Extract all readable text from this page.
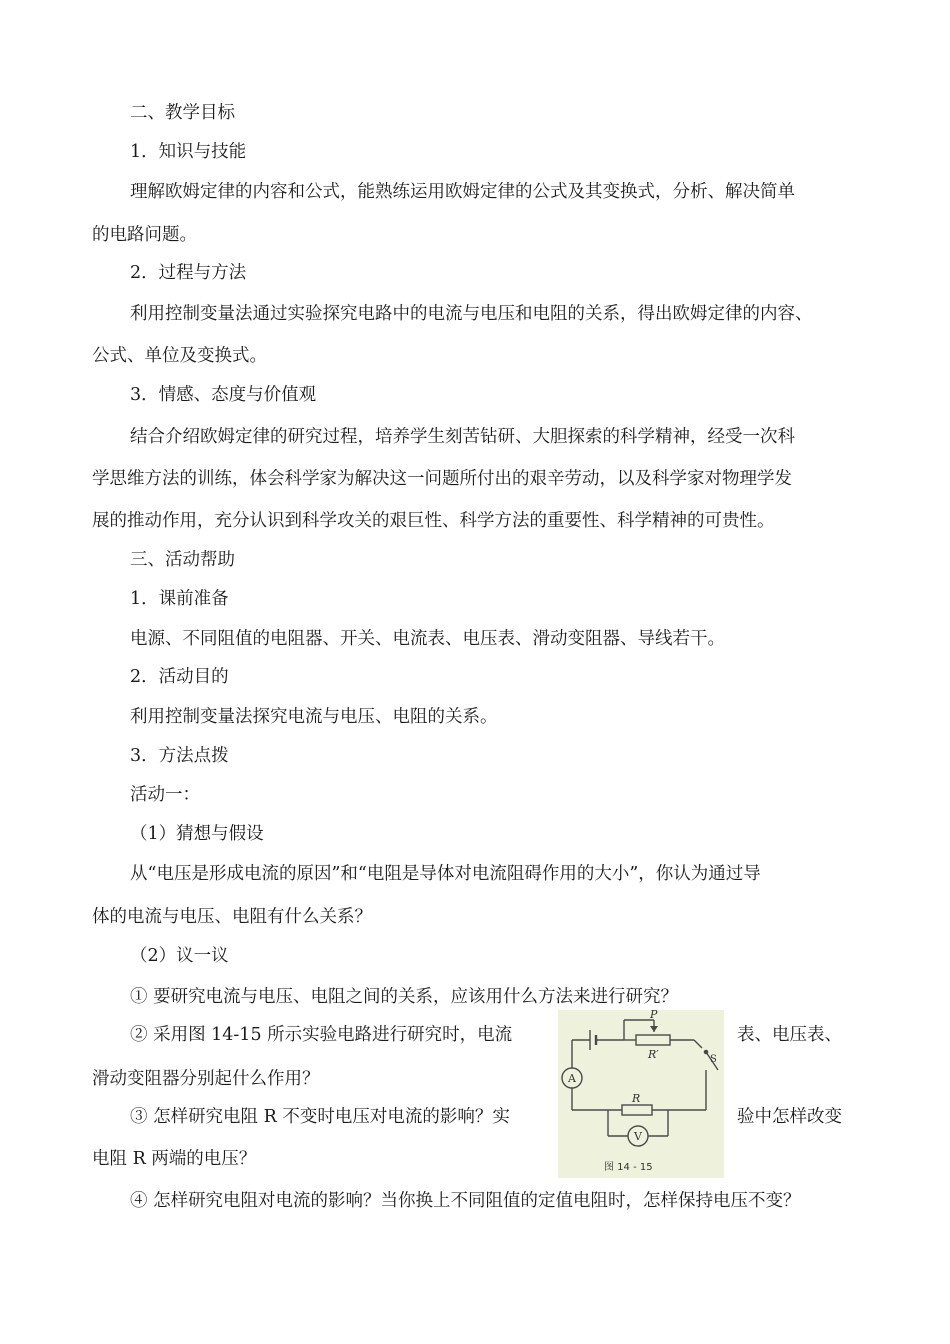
二、教学目标
1．知识与技能
理解欧姆定律的内容和公式，能熟练运用欧姆定律的公式及其变换式，分析、解决简单
的电路问题。
2．过程与方法
利用控制变量法通过实验探究电路中的电流与电压和电阻的关系，得出欧姆定律的内容、
公式、单位及变换式。
3．情感、态度与价值观
结合介绍欧姆定律的研究过程，培养学生刻苦钻研、大胆探索的科学精神，经受一次科
学思维方法的训练，体会科学家为解决这一问题所付出的艰辛劳动，以及科学家对物理学发
展的推动作用，充分认识到科学攻关的艰巨性、科学方法的重要性、科学精神的可贵性。
三、活动帮助
1．课前准备
电源、不同阻值的电阻器、开关、电流表、电压表、滑动变阻器、导线若干。
2．活动目的
利用控制变量法探究电流与电压、电阻的关系。
3．方法点拨
活动一：
（1）猜想与假设
从“电压是形成电流的原因”和“电阻是导体对电流阻碍作用的大小”，你认为通过导
体的电流与电压、电阻有什么关系？
（2）议一议
① 要研究电流与电压、电阻之间的关系，应该用什么方法来进行研究？
② 采用图 14-15 所示实验电路进行研究时，电流	表、电压表、
滑动变阻器分别起什么作用？
③ 怎样研究电阻 R 不变时电压对电流的影响？实	验中怎样改变
电阻 R 两端的电压？
④ 怎样研究电阻对电流的影响？当你换上不同阻值的定值电阻时，怎样保持电压不变？
P
R′	S
A
R
V
图 14 - 15
